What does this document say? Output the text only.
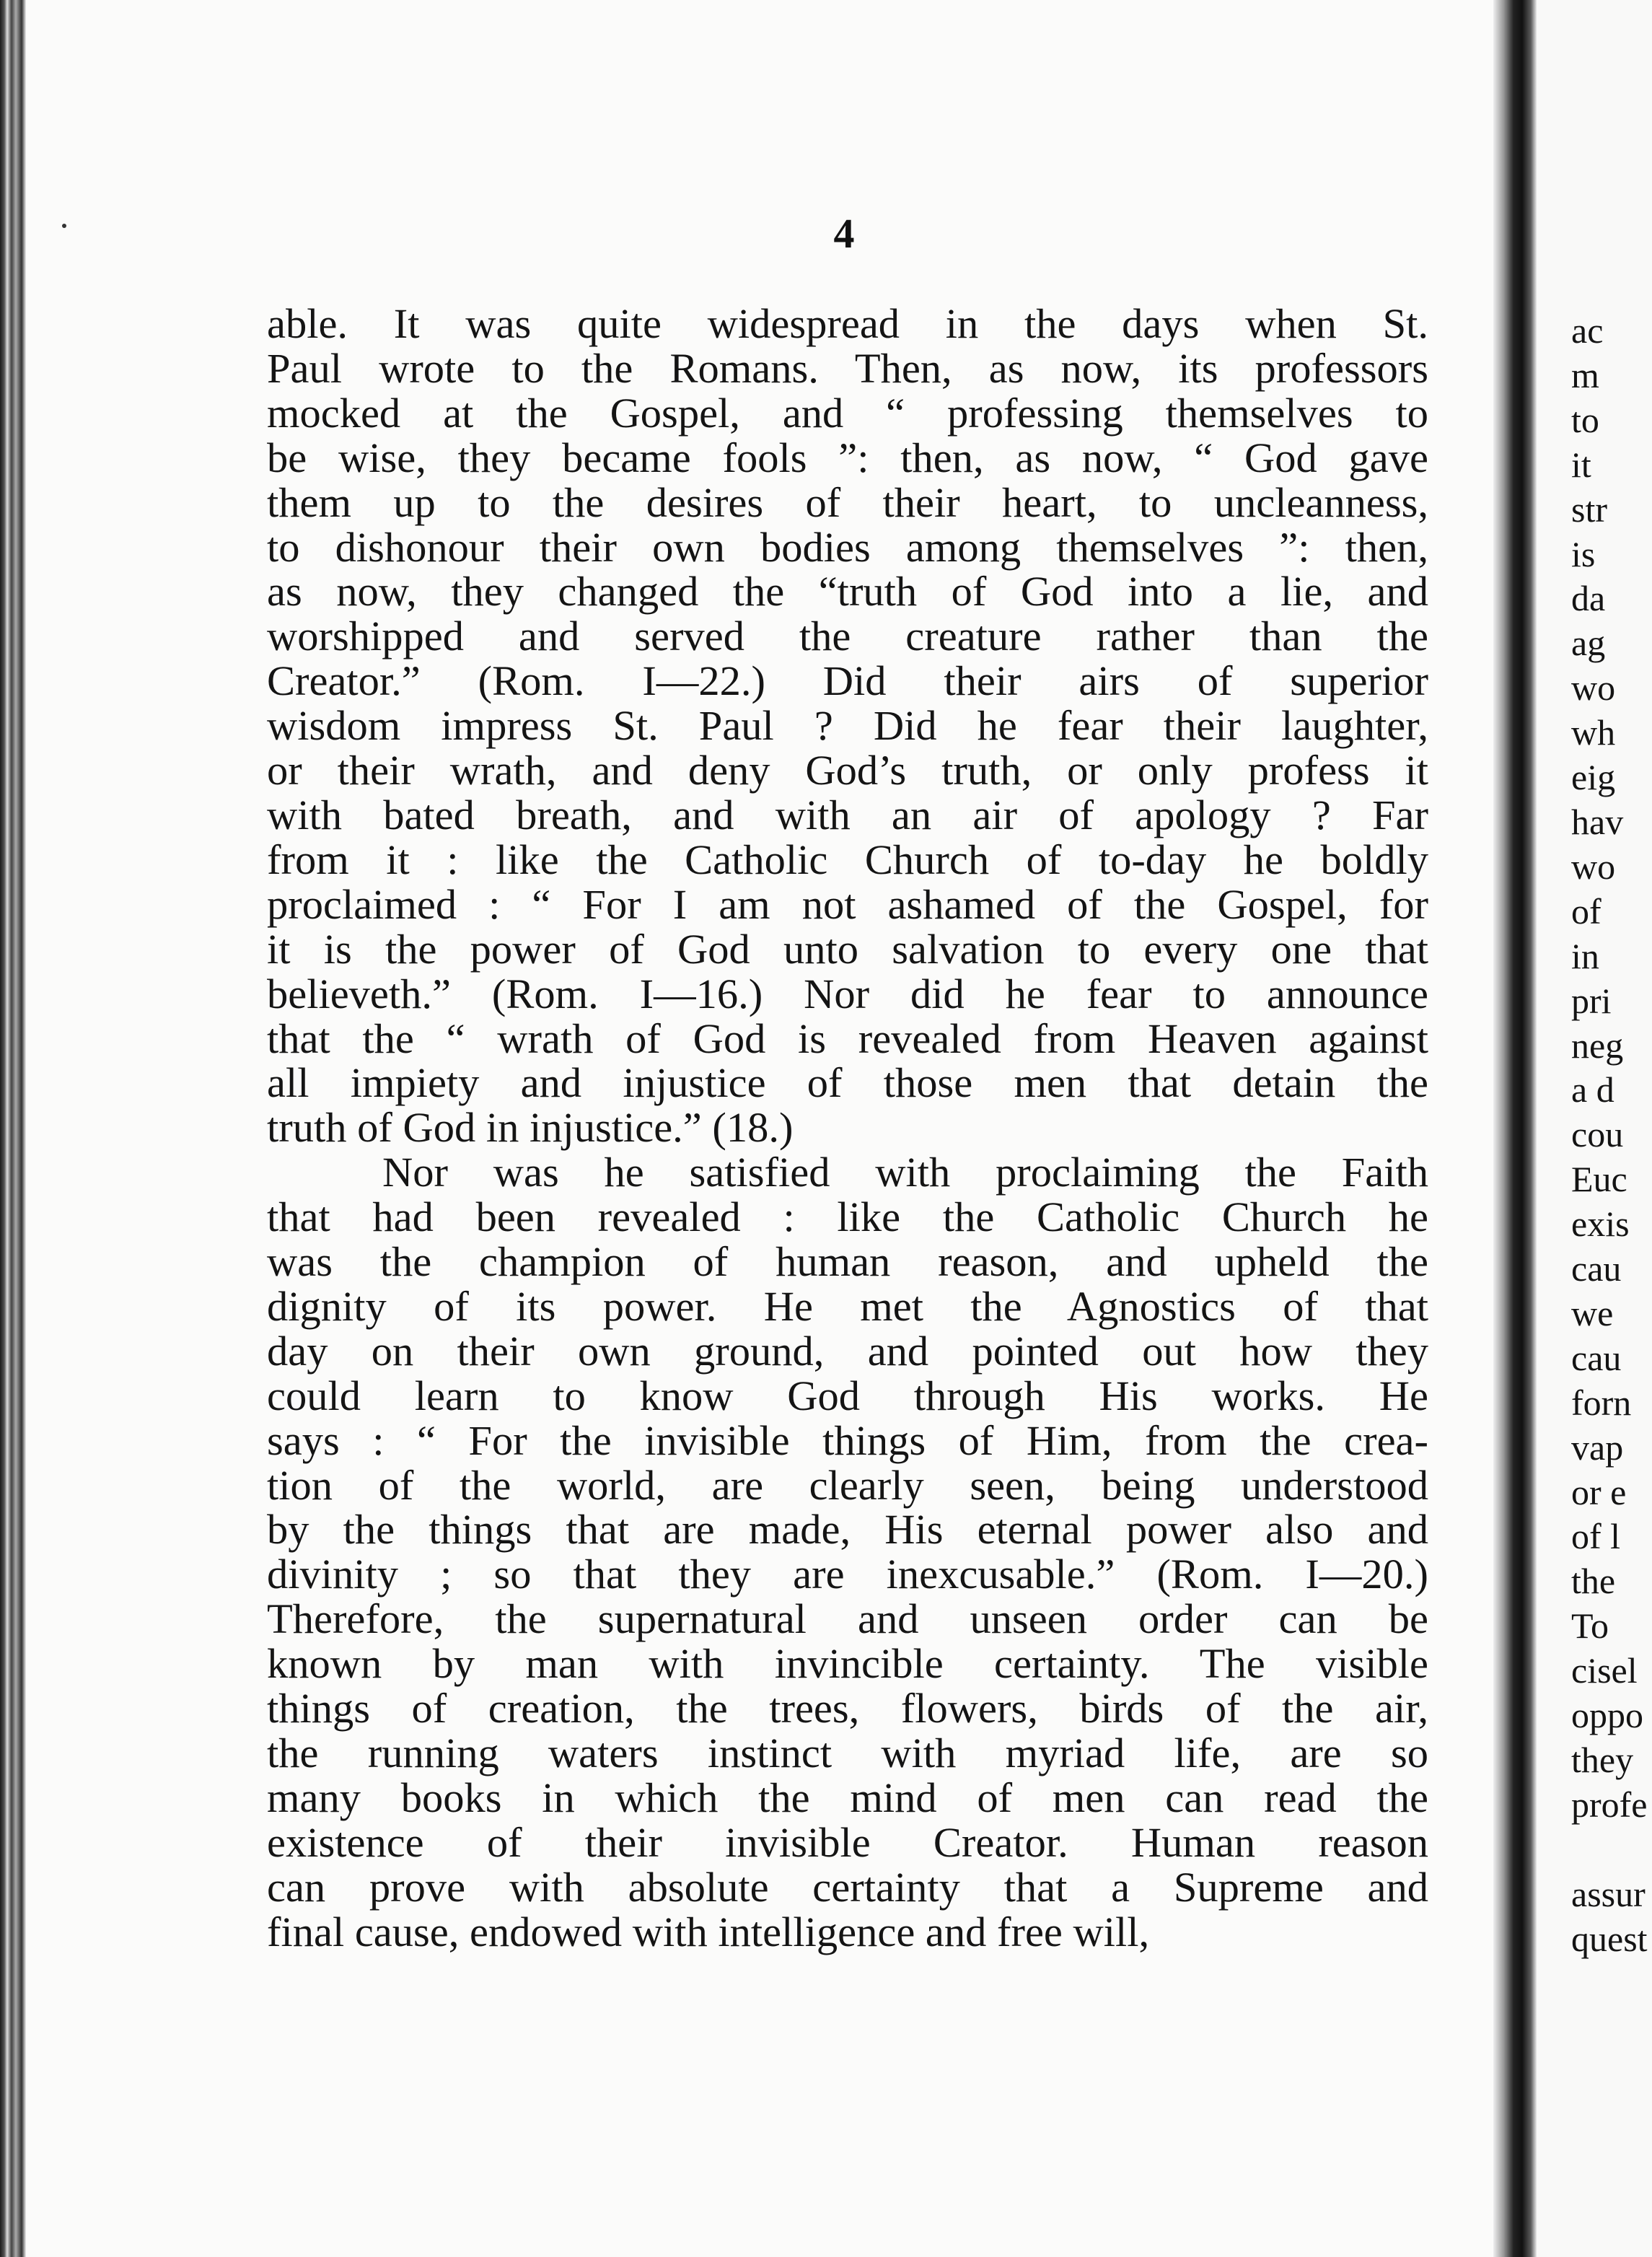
4
able. It was quite widespread in the days when St.
Paul wrote to the Romans. Then, as now, its professors
mocked at the Gospel, and “ professing themselves to
be wise, they became fools ”: then, as now, “ God gave
them up to the desires of their heart, to uncleanness,
to dishonour their own bodies among themselves ”: then,
as now, they changed the “truth of God into a lie, and
worshipped and served the creature rather than the
Creator.” (Rom. I—22.) Did their airs of superior
wisdom impress St. Paul ? Did he fear their laughter,
or their wrath, and deny God’s truth, or only profess it
with bated breath, and with an air of apology ? Far
from it : like the Catholic Church of to-day he boldly
proclaimed : “ For I am not ashamed of the Gospel, for
it is the power of God unto salvation to every one that
believeth.” (Rom. I—16.) Nor did he fear to announce
that the “ wrath of God is revealed from Heaven against
all impiety and injustice of those men that detain the
truth of God in injustice.” (18.)
Nor was he satisfied with proclaiming the Faith
that had been revealed : like the Catholic Church he
was the champion of human reason, and upheld the
dignity of its power. He met the Agnostics of that
day on their own ground, and pointed out how they
could learn to know God through His works. He
says : “ For the invisible things of Him, from the crea-
tion of the world, are clearly seen, being understood
by the things that are made, His eternal power also and
divinity ; so that they are inexcusable.” (Rom. I—20.)
Therefore, the supernatural and unseen order can be
known by man with invincible certainty. The visible
things of creation, the trees, flowers, birds of the air,
the running waters instinct with myriad life, are so
many books in which the mind of men can read the
existence of their invisible Creator. Human reason
can prove with absolute certainty that a Supreme and
final cause, endowed with intelligence and free will,
ac
m
to
it
str
is
da
ag
wo
wh
eig
hav
wo
of
in
pri
neg
a d
cou
Euc
exis
cau
we
cau
forn
vap
or e
of l
the
To
cisel
oppo
they
profe
assur
quest
